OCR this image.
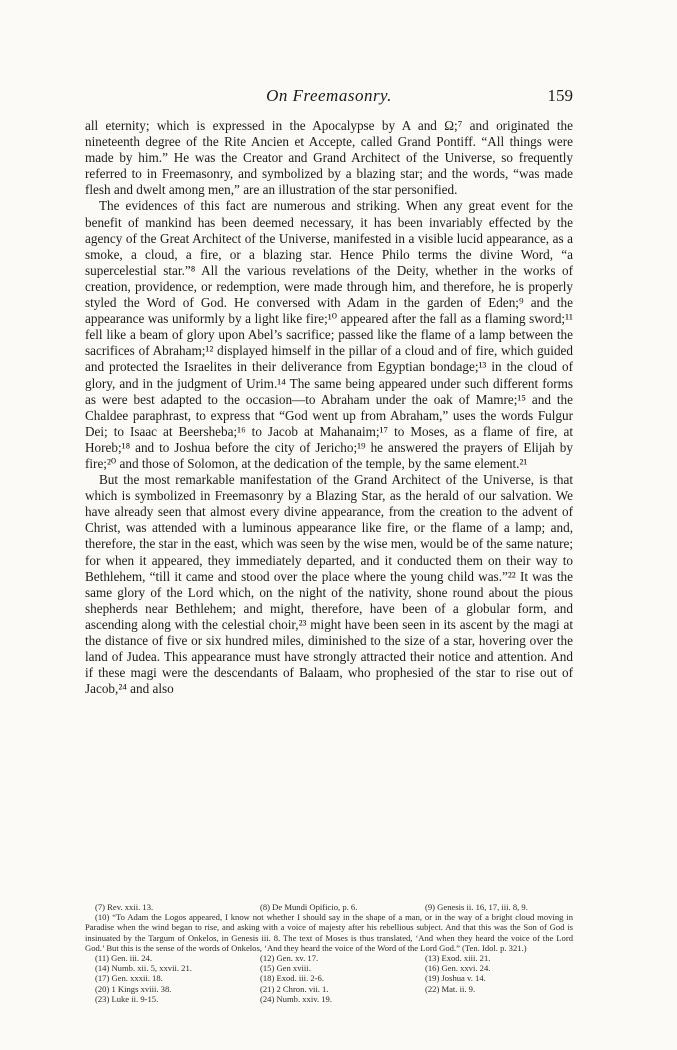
On Freemasonry.	159

all eternity; which is expressed in the Apocalypse by A and Ω;⁷ and originated the nineteenth degree of the Rite Ancien et Accepte, called Grand Pontiff. “All things were made by him.” He was the Creator and Grand Architect of the Universe, so frequently referred to in Freemasonry, and symbolized by a blazing star; and the words, “was made flesh and dwelt among men,” are an illustration of the star personified.

The evidences of this fact are numerous and striking. When any great event for the benefit of mankind has been deemed necessary, it has been invariably effected by the agency of the Great Architect of the Universe, manifested in a visible lucid appearance, as a smoke, a cloud, a fire, or a blazing star. Hence Philo terms the divine Word, “a supercelestial star.”⁸ All the various revelations of the Deity, whether in the works of creation, providence, or redemption, were made through him, and therefore, he is properly styled the Word of God. He conversed with Adam in the garden of Eden;⁹ and the appearance was uniformly by a light like fire;¹⁰ appeared after the fall as a flaming sword;¹¹ fell like a beam of glory upon Abel’s sacrifice; passed like the flame of a lamp between the sacrifices of Abraham;¹² displayed himself in the pillar of a cloud and of fire, which guided and protected the Israelites in their deliverance from Egyptian bondage;¹³ in the cloud of glory, and in the judgment of Urim.¹⁴ The same being appeared under such different forms as were best adapted to the occasion—to Abraham under the oak of Mamre;¹⁵ and the Chaldee paraphrast, to express that “God went up from Abraham,” uses the words Fulgur Dei; to Isaac at Beersheba;¹⁶ to Jacob at Mahanaim;¹⁷ to Moses, as a flame of fire, at Horeb;¹⁸ and to Joshua before the city of Jericho;¹⁹ he answered the prayers of Elijah by fire;²⁰ and those of Solomon, at the dedication of the temple, by the same element.²¹

But the most remarkable manifestation of the Grand Architect of the Universe, is that which is symbolized in Freemasonry by a Blazing Star, as the herald of our salvation. We have already seen that almost every divine appearance, from the creation to the advent of Christ, was attended with a luminous appearance like fire, or the flame of a lamp; and, therefore, the star in the east, which was seen by the wise men, would be of the same nature; for when it appeared, they immediately departed, and it conducted them on their way to Bethlehem, “till it came and stood over the place where the young child was.”²² It was the same glory of the Lord which, on the night of the nativity, shone round about the pious shepherds near Bethlehem; and might, therefore, have been of a globular form, and ascending along with the celestial choir,²³ might have been seen in its ascent by the magi at the distance of five or six hundred miles, diminished to the size of a star, hovering over the land of Judea. This appearance must have strongly attracted their notice and attention. And if these magi were the descendants of Balaam, who prophesied of the star to rise out of Jacob,²⁴ and also

(7) Rev. xxii. 13.	(8) De Mundi Opificio, p. 6.	(9) Genesis ii. 16, 17, iii. 8, 9.
(10) “To Adam the Logos appeared, I know not whether I should say in the shape of a man, or in the way of a bright cloud moving in Paradise when the wind began to rise, and asking with a voice of majesty after his rebellious subject. And that this was the Son of God is insinuated by the Targum of Onkelos, in Genesis iii. 8. The text of Moses is thus translated, ‘And when they heard the voice of the Lord God.’ But this is the sense of the words of Onkelos, ‘And they heard the voice of the Word of the Lord God.” (Ten. Idol. p. 321.)
(11) Gen. iii. 24.	(12) Gen. xv. 17.	(13) Exod. xiii. 21.
(14) Numb. xii. 5, xxvii. 21.	(15) Gen xviii.	(16) Gen. xxvi. 24.
(17) Gen. xxxii. 18.	(18) Exod. iii. 2-6.	(19) Joshua v. 14.
(20) 1 Kings xviii. 38.	(21) 2 Chron. vii. 1.	(22) Mat. ii. 9.
(23) Luke ii. 9-15.	(24) Numb. xxiv. 19.
